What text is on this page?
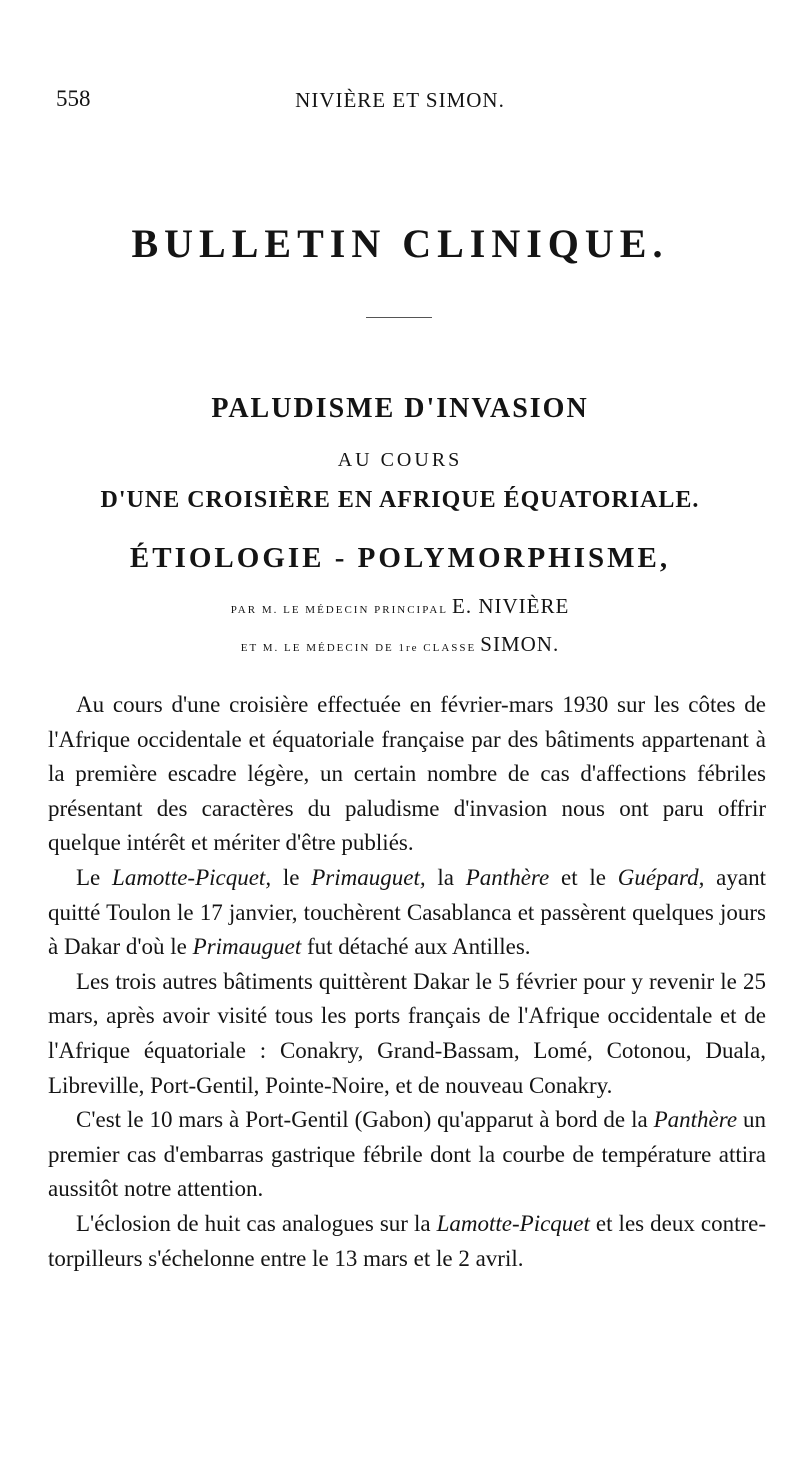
558	NIVIÈRE ET SIMON.
BULLETIN CLINIQUE.
PALUDISME D'INVASION
AU COURS
D'UNE CROISIÈRE EN AFRIQUE ÉQUATORIALE.
ÉTIOLOGIE - POLYMORPHISME,
PAR M. LE MÉDECIN PRINCIPAL E. NIVIÈRE
ET M. LE MÉDECIN DE 1re CLASSE SIMON.

Au cours d'une croisière effectuée en février-mars 1930 sur les côtes de l'Afrique occidentale et équatoriale française par des bâtiments appartenant à la première escadre légère, un certain nombre de cas d'affections fébriles présentant des caractères du paludisme d'invasion nous ont paru offrir quelque intérêt et mériter d'être publiés.

Le Lamotte-Picquet, le Primauguet, la Panthère et le Guépard, ayant quitté Toulon le 17 janvier, touchèrent Casablanca et passèrent quelques jours à Dakar d'où le Primauguet fut détaché aux Antilles.

Les trois autres bâtiments quittèrent Dakar le 5 février pour y revenir le 25 mars, après avoir visité tous les ports français de l'Afrique occidentale et de l'Afrique équatoriale : Conakry, Grand-Bassam, Lomé, Cotonou, Duala, Libreville, Port-Gentil, Pointe-Noire, et de nouveau Conakry.

C'est le 10 mars à Port-Gentil (Gabon) qu'apparut à bord de la Panthère un premier cas d'embarras gastrique fébrile dont la courbe de température attira aussitôt notre attention.

L'éclosion de huit cas analogues sur la Lamotte-Picquet et les deux contre-torpilleurs s'échelonne entre le 13 mars et le 2 avril.
